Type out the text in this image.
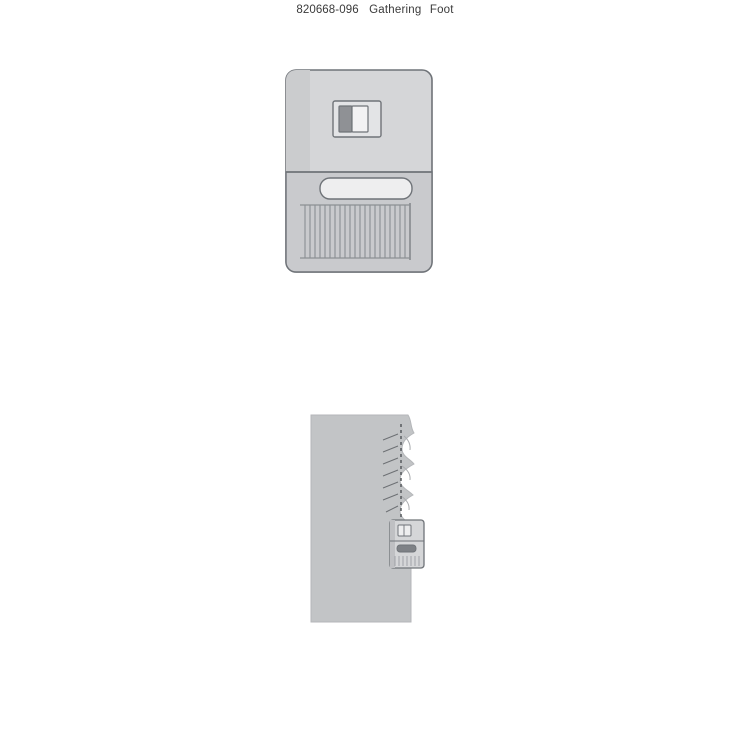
820668-096 Gathering Foot
